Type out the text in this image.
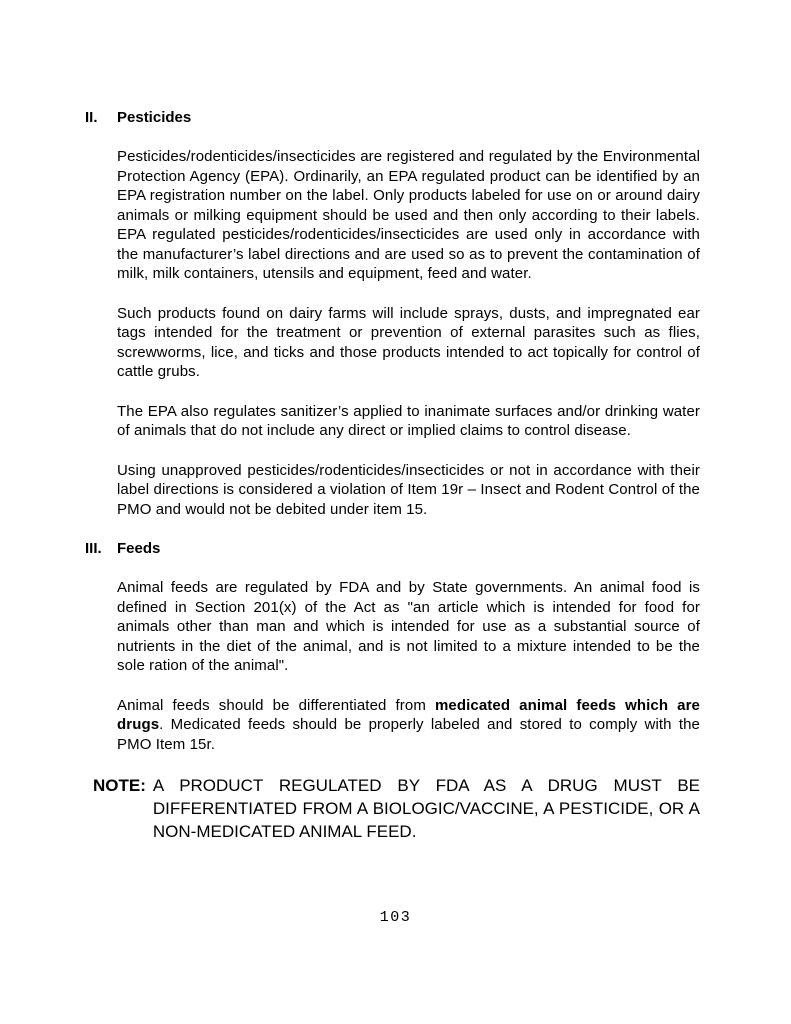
II.	Pesticides

Pesticides/rodenticides/insecticides are registered and regulated by the Environmental Protection Agency (EPA). Ordinarily, an EPA regulated product can be identified by an EPA registration number on the label. Only products labeled for use on or around dairy animals or milking equipment should be used and then only according to their labels. EPA regulated pesticides/rodenticides/insecticides are used only in accordance with the manufacturer’s label directions and are used so as to prevent the contamination of milk, milk containers, utensils and equipment, feed and water.

Such products found on dairy farms will include sprays, dusts, and impregnated ear tags intended for the treatment or prevention of external parasites such as flies, screwworms, lice, and ticks and those products intended to act topically for control of cattle grubs.

The EPA also regulates sanitizer’s applied to inanimate surfaces and/or drinking water of animals that do not include any direct or implied claims to control disease.

Using unapproved pesticides/rodenticides/insecticides or not in accordance with their label directions is considered a violation of Item 19r – Insect and Rodent Control of the PMO and would not be debited under item 15.

III.	Feeds

Animal feeds are regulated by FDA and by State governments. An animal food is defined in Section 201(x) of the Act as "an article which is intended for food for animals other than man and which is intended for use as a substantial source of nutrients in the diet of the animal, and is not limited to a mixture intended to be the sole ration of the animal".

Animal feeds should be differentiated from medicated animal feeds which are drugs. Medicated feeds should be properly labeled and stored to comply with the PMO Item 15r.

NOTE: A PRODUCT REGULATED BY FDA AS A DRUG MUST BE DIFFERENTIATED FROM A BIOLOGIC/VACCINE, A PESTICIDE, OR A NON-MEDICATED ANIMAL FEED.
103
